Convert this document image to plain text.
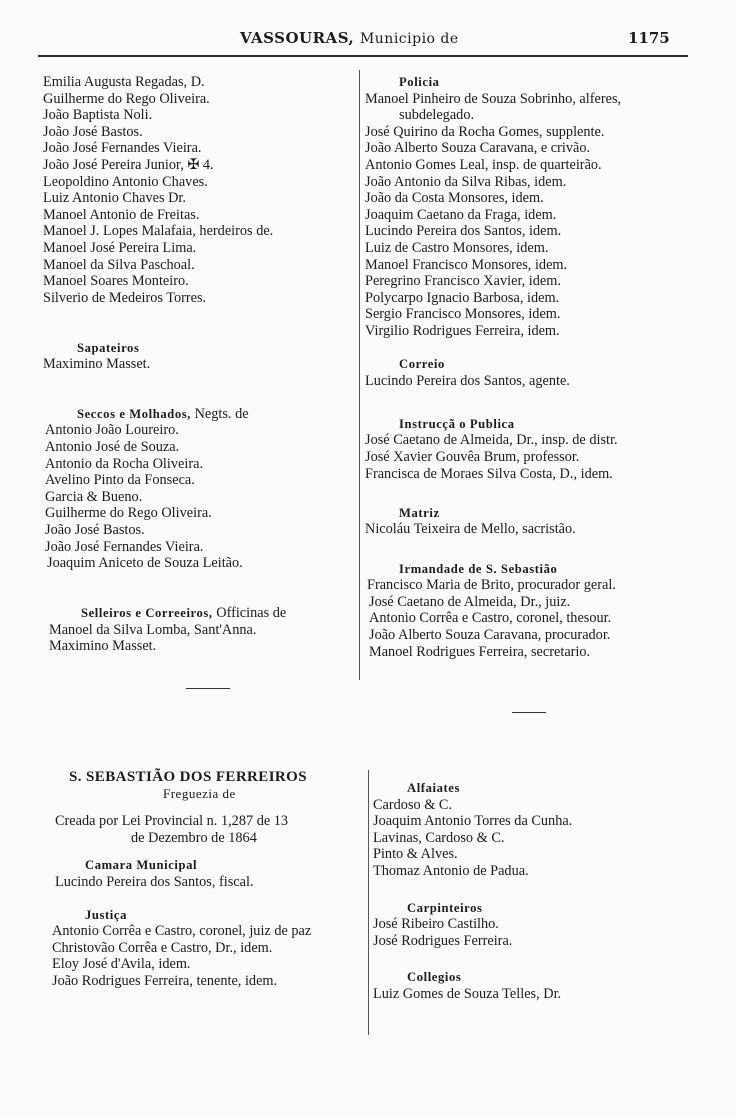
VASSOURAS, Municipio de	1175
Emilia Augusta Regadas, D.
Guilherme do Rego Oliveira.
João Baptista Noli.
João José Bastos.
João José Fernandes Vieira.
João José Pereira Junior, ✠ 4.
Leopoldino Antonio Chaves.
Luiz Antonio Chaves Dr.
Manoel Antonio de Freitas.
Manoel J. Lopes Malafaia, herdeiros de.
Manoel José Pereira Lima.
Manoel da Silva Paschoal.
Manoel Soares Monteiro.
Silverio de Medeiros Torres.
Sapateiros
Maximino Masset.
Seccos e Molhados, Negts. de
Antonio João Loureiro.
Antonio José de Souza.
Antonio da Rocha Oliveira.
Avelino Pinto da Fonseca.
Garcia & Bueno.
Guilherme do Rego Oliveira.
João José Bastos.
João José Fernandes Vieira.
Joaquim Aniceto de Souza Leitão.
Selleiros e Correeiros, Officinas de
Manoel da Silva Lomba, Sant'Anna.
Maximino Masset.
Policia
Manoel Pinheiro de Souza Sobrinho, alferes,
subdelegado.
José Quirino da Rocha Gomes, supplente.
João Alberto Souza Caravana, e crivão.
Antonio Gomes Leal, insp. de quarteirão.
João Antonio da Silva Ribas, idem.
João da Costa Monsores, idem.
Joaquim Caetano da Fraga, idem.
Lucindo Pereira dos Santos, idem.
Luiz de Castro Monsores, idem.
Manoel Francisco Monsores, idem.
Peregrino Francisco Xavier, idem.
Polycarpo Ignacio Barbosa, idem.
Sergio Francisco Monsores, idem.
Virgilio Rodrigues Ferreira, idem.
Correio
Lucindo Pereira dos Santos, agente.
Instrucçã o Publica
José Caetano de Almeida, Dr., insp. de distr.
José Xavier Gouvêa Brum, professor.
Francisca de Moraes Silva Costa, D., idem.
Matriz
Nicoláu Teixeira de Mello, sacristão.
Irmandade de S. Sebastião
Francisco Maria de Brito, procurador geral.
José Caetano de Almeida, Dr., juiz.
Antonio Corrêa e Castro, coronel, thesour.
João Alberto Souza Caravana, procurador.
Manoel Rodrigues Ferreira, secretario.
S. SEBASTIÃO DOS FERREIROS
Freguezia de
Creada por Lei Provincial n. 1,287 de 13
de Dezembro de 1864
Camara Municipal
Lucindo Pereira dos Santos, fiscal.
Justiça
Antonio Corrêa e Castro, coronel, juiz de paz
Christovão Corrêa e Castro, Dr., idem.
Eloy José d'Avila, idem.
João Rodrigues Ferreira, tenente, idem.
Alfaiates
Cardoso & C.
Joaquim Antonio Torres da Cunha.
Lavinas, Cardoso & C.
Pinto & Alves.
Thomaz Antonio de Padua.
Carpinteiros
José Ribeiro Castilho.
José Rodrigues Ferreira.
Collegios
Luiz Gomes de Souza Telles, Dr.
